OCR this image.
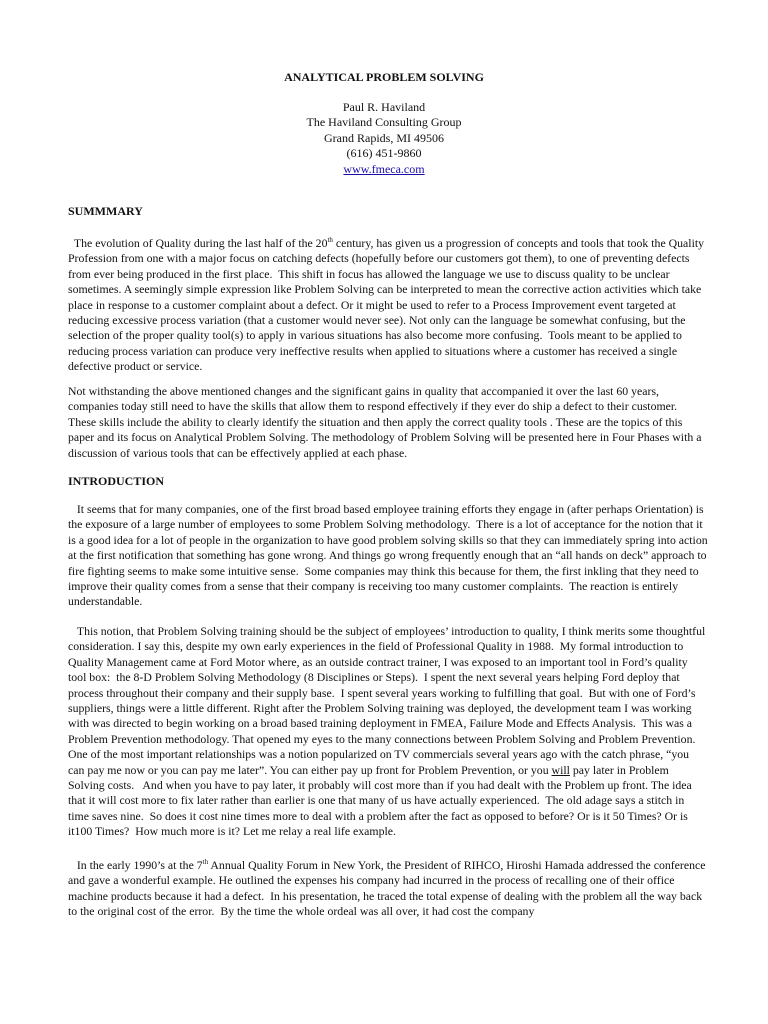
ANALYTICAL PROBLEM SOLVING
Paul R. Haviland
The Haviland Consulting Group
Grand Rapids, MI 49506
(616) 451-9860
www.fmeca.com
SUMMMARY

The evolution of Quality during the last half of the 20th century, has given us a progression of concepts and tools that took the Quality Profession from one with a major focus on catching defects (hopefully before our customers got them), to one of preventing defects from ever being produced in the first place.  This shift in focus has allowed the language we use to discuss quality to be unclear sometimes. A seemingly simple expression like Problem Solving can be interpreted to mean the corrective action activities which take place in response to a customer complaint about a defect. Or it might be used to refer to a Process Improvement event targeted at reducing excessive process variation (that a customer would never see). Not only can the language be somewhat confusing, but the selection of the proper quality tool(s) to apply in various situations has also become more confusing.  Tools meant to be applied to reducing process variation can produce very ineffective results when applied to situations where a customer has received a single defective product or service.

Not withstanding the above mentioned changes and the significant gains in quality that accompanied it over the last 60 years, companies today still need to have the skills that allow them to respond effectively if they ever do ship a defect to their customer. These skills include the ability to clearly identify the situation and then apply the correct quality tools . These are the topics of this paper and its focus on Analytical Problem Solving. The methodology of Problem Solving will be presented here in Four Phases with a discussion of various tools that can be effectively applied at each phase.

INTRODUCTION

It seems that for many companies, one of the first broad based employee training efforts they engage in (after perhaps Orientation) is the exposure of a large number of employees to some Problem Solving methodology.  There is a lot of acceptance for the notion that it is a good idea for a lot of people in the organization to have good problem solving skills so that they can immediately spring into action at the first notification that something has gone wrong. And things go wrong frequently enough that an “all hands on deck” approach to fire fighting seems to make some intuitive sense.  Some companies may think this because for them, the first inkling that they need to improve their quality comes from a sense that their company is receiving too many customer complaints.  The reaction is entirely understandable.

This notion, that Problem Solving training should be the subject of employees’ introduction to quality, I think merits some thoughtful consideration. I say this, despite my own early experiences in the field of Professional Quality in 1988.  My formal introduction to Quality Management came at Ford Motor where, as an outside contract trainer, I was exposed to an important tool in Ford’s quality tool box:  the 8-D Problem Solving Methodology (8 Disciplines or Steps).  I spent the next several years helping Ford deploy that process throughout their company and their supply base.  I spent several years working to fulfilling that goal.  But with one of Ford’s suppliers, things were a little different. Right after the Problem Solving training was deployed, the development team I was working with was directed to begin working on a broad based training deployment in FMEA, Failure Mode and Effects Analysis.  This was a Problem Prevention methodology. That opened my eyes to the many connections between Problem Solving and Problem Prevention. One of the most important relationships was a notion popularized on TV commercials several years ago with the catch phrase, “you can pay me now or you can pay me later”. You can either pay up front for Problem Prevention, or you will pay later in Problem Solving costs.   And when you have to pay later, it probably will cost more than if you had dealt with the Problem up front. The idea that it will cost more to fix later rather than earlier is one that many of us have actually experienced.  The old adage says a stitch in time saves nine.  So does it cost nine times more to deal with a problem after the fact as opposed to before? Or is it 50 Times? Or is it100 Times?  How much more is it? Let me relay a real life example.

In the early 1990’s at the 7th Annual Quality Forum in New York, the President of RIHCO, Hiroshi Hamada addressed the conference and gave a wonderful example. He outlined the expenses his company had incurred in the process of recalling one of their office machine products because it had a defect.  In his presentation, he traced the total expense of dealing with the problem all the way back to the original cost of the error.  By the time the whole ordeal was all over, it had cost the company
